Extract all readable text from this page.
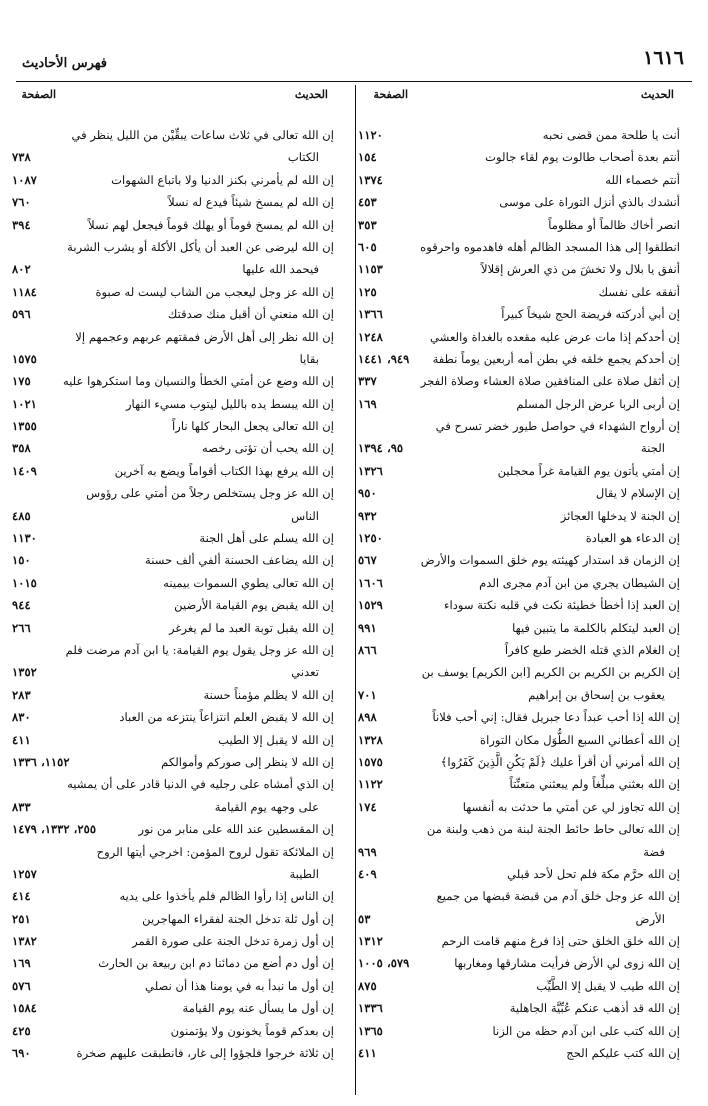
١٦١٦
فهرس الأحاديث
الحديث
الصفحة
الحديث
الصفحة
أنت يا طلحة ممن قضى نحبه
١١٢٠
أنتم بعدة أصحاب طالوت يوم لقاء جالوت
١٥٤
أنتم خصماء الله
١٣٧٤
أنشدك بالذي أنزل التوراة على موسى
٤٥٣
انصر أخاك ظالماً أو مظلوماً
٣٥٣
انطلقوا إلى هذا المسجد الظالم أهله فاهدموه واحرقوه
٦٠٥
أنفق يا بلال ولا تخشَ من ذي العرش إقلالاً
١١٥٣
أنفقه على نفسك
١٢٥
إن أبي أدركته فريضة الحج شيخاً كبيراً
١٣٦٦
إن أحدكم إذا مات عرض عليه مقعده بالغداة والعشي
١٢٤٨
إن أحدكم يجمع خلقه في بطن أمه أربعين يوماً نطفة
٩٤٩، ١٤٤١
إن أثقل صلاة على المنافقين صلاة العشاء وصلاة الفجر
٣٣٧
إن أربى الربا عرض الرجل المسلم
١٦٩
إن أرواح الشهداء في حواصل طيور خضر تسرح في
الجنة
٩٥، ١٣٩٤
إن أمتي يأتون يوم القيامة غراً محجلين
١٣٢٦
إن الإسلام لا يقال
٩٥٠
إن الجنة لا يدخلها العجائز
٩٣٢
إن الدعاء هو العبادة
١٢٥٠
إن الزمان قد استدار كهيئته يوم خلق السموات والأرض
٥٦٧
إن الشيطان يجري من ابن آدم مجرى الدم
١٦٠٦
إن العبد إذا أخطأ خطيئة نكت في قلبه نكتة سوداء
١٥٢٩
إن العبد ليتكلم بالكلمة ما يتبين فيها
٩٩١
إن الغلام الذي قتله الخضر طبع كافراً
٨٦٦
إن الكريم بن الكريم بن الكريم [ابن الكريم] يوسف بن
يعقوب بن إسحاق بن إبراهيم
٧٠١
إن الله إذا أحب عبداً دعا جبريل فقال: إني أحب فلاناً
٨٩٨
إن الله أعطاني السبع الطُّوَل مكان التوراة
١٣٢٨
إن الله أمرني أن أقرأ عليك ﴿لَمْ يَكُنِ الَّذِينَ كَفَرُوا﴾
١٥٧٥
إن الله بعثني مبلِّغاً ولم يبعثني متعنِّتاً
١١٢٢
إن الله تجاوز لي عن أمتي ما حدثت به أنفسها
١٧٤
إن الله تعالى حاط حائط الجنة لبنة من ذهب ولبنة من
فضة
٩٦٩
إن الله حرَّم مكة فلم تحل لأحد قبلي
٤٠٩
إن الله عز وجل خلق آدم من قبضة قبضها من جميع
الأرض
٥٣
إن الله خلق الخلق حتى إذا فرغ منهم قامت الرحم
١٣١٢
إن الله زوى لي الأرض فرأيت مشارقها ومغاربها
٥٧٩، ١٠٠٥
إن الله طيب لا يقبل إلا الطَّيِّب
٨٧٥
إن الله قد أذهب عنكم عُبِّيَّة الجاهلية
١٣٣٦
إن الله كتب على ابن آدم حظه من الزنا
١٣٦٥
إن الله كتب عليكم الحج
٤١١
إن الله تعالى في ثلاث ساعات يبقِّيْن من الليل ينظر في
الكتاب
٧٣٨
إن الله لم يأمرني بكنز الدنيا ولا باتباع الشهوات
١٠٨٧
إن الله لم يمسخ شيئاً فيدع له نسلاً
٧٦٠
إن الله لم يمسخ قوماً أو يهلك قوماً فيجعل لهم نسلاً
٣٩٤
إن الله ليرضى عن العبد أن يأكل الأكلة أو يشرب الشربة
فيحمد الله عليها
٨٠٢
إن الله عز وجل ليعجب من الشاب ليست له صبوة
١١٨٤
إن الله منعني أن أقبل منك صدقتك
٥٩٦
إن الله نظر إلى أهل الأرض فمقتهم عربهم وعجمهم إلا
بقايا
١٥٧٥
إن الله وضع عن أمتي الخطأ والنسيان وما استكرهوا عليه
١٧٥
إن الله يبسط يده بالليل ليتوب مسيء النهار
١٠٢١
إن الله تعالى يجعل البحار كلها ناراً
١٣٥٥
إن الله يحب أن تؤتى رخصه
٣٥٨
إن الله يرفع بهذا الكتاب أقواماً ويضع به آخرين
١٤٠٩
إن الله عز وجل يستخلص رجلاً من أمتي على رؤوس
الناس
٤٨٥
إن الله يسلم على أهل الجنة
١١٣٠
إن الله يضاعف الحسنة ألفي ألف حسنة
١٥٠
إن الله تعالى يطوي السموات بيمينه
١٠١٥
إن الله يقبض يوم القيامة الأرضين
٩٤٤
إن الله يقبل توبة العبد ما لم يغرغر
٢٦٦
إن الله عز وجل يقول يوم القيامة: يا ابن آدم مرضت فلم
تعدني
١٣٥٢
إن الله لا يظلم مؤمناً حسنة
٢٨٣
إن الله لا يقبض العلم انتزاعاً ينتزعه من العباد
٨٣٠
إن الله لا يقبل إلا الطيب
٤١١
إن الله لا ينظر إلى صوركم وأموالكم
١١٥٢، ١٣٣٦
إن الذي أمشاه على رجليه في الدنيا قادر على أن يمشيه
على وجهه يوم القيامة
٨٣٣
إن المقسطين عند الله على منابر من نور
٢٥٥، ١٣٣٢، ١٤٧٩
إن الملائكة تقول لروح المؤمن: اخرجي أيتها الروح
الطيبة
١٢٥٧
إن الناس إذا رأوا الظالم فلم يأخذوا على يديه
٤١٤
إن أول ثلة تدخل الجنة لفقراء المهاجرين
٢٥١
إن أول زمرة تدخل الجنة على صورة القمر
١٣٨٢
إن أول دم أضع من دمائنا دم ابن ربيعة بن الحارث
١٦٩
إن أول ما نبدأ به في يومنا هذا أن نصلي
٥٧٦
إن أول ما يسأل عنه يوم القيامة
١٥٨٤
إن بعدكم قوماً يخونون ولا يؤتمنون
٤٢٥
إن ثلاثة خرجوا فلجؤوا إلى غار، فانطبقت عليهم صخرة
٦٩٠
